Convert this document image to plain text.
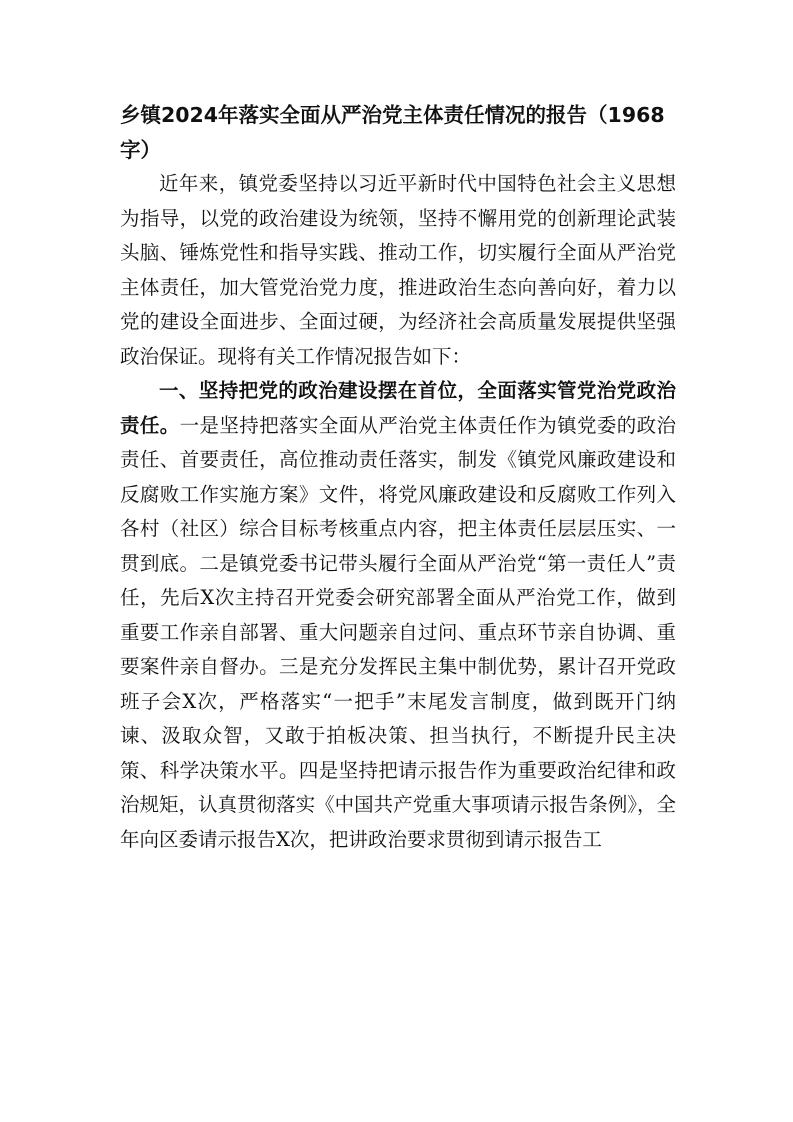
乡镇2024年落实全面从严治党主体责任情况的报告（1968字）

近年来，镇党委坚持以习近平新时代中国特色社会主义思想为指导，以党的政治建设为统领，坚持不懈用党的创新理论武装头脑、锤炼党性和指导实践、推动工作，切实履行全面从严治党主体责任，加大管党治党力度，推进政治生态向善向好，着力以党的建设全面进步、全面过硬，为经济社会高质量发展提供坚强政治保证。现将有关工作情况报告如下：

一、坚持把党的政治建设摆在首位，全面落实管党治党政治责任。一是坚持把落实全面从严治党主体责任作为镇党委的政治责任、首要责任，高位推动责任落实，制发《镇党风廉政建设和反腐败工作实施方案》文件，将党风廉政建设和反腐败工作列入各村（社区）综合目标考核重点内容，把主体责任层层压实、一贯到底。二是镇党委书记带头履行全面从严治党“第一责任人”责任，先后X次主持召开党委会研究部署全面从严治党工作，做到重要工作亲自部署、重大问题亲自过问、重点环节亲自协调、重要案件亲自督办。三是充分发挥民主集中制优势，累计召开党政班子会X次，严格落实“一把手”末尾发言制度，做到既开门纳谏、汲取众智，又敢于拍板决策、担当执行，不断提升民主决策、科学决策水平。四是坚持把请示报告作为重要政治纪律和政治规矩，认真贯彻落实《中国共产党重大事项请示报告条例》，全年向区委请示报告X次，把讲政治要求贯彻到请示报告工
